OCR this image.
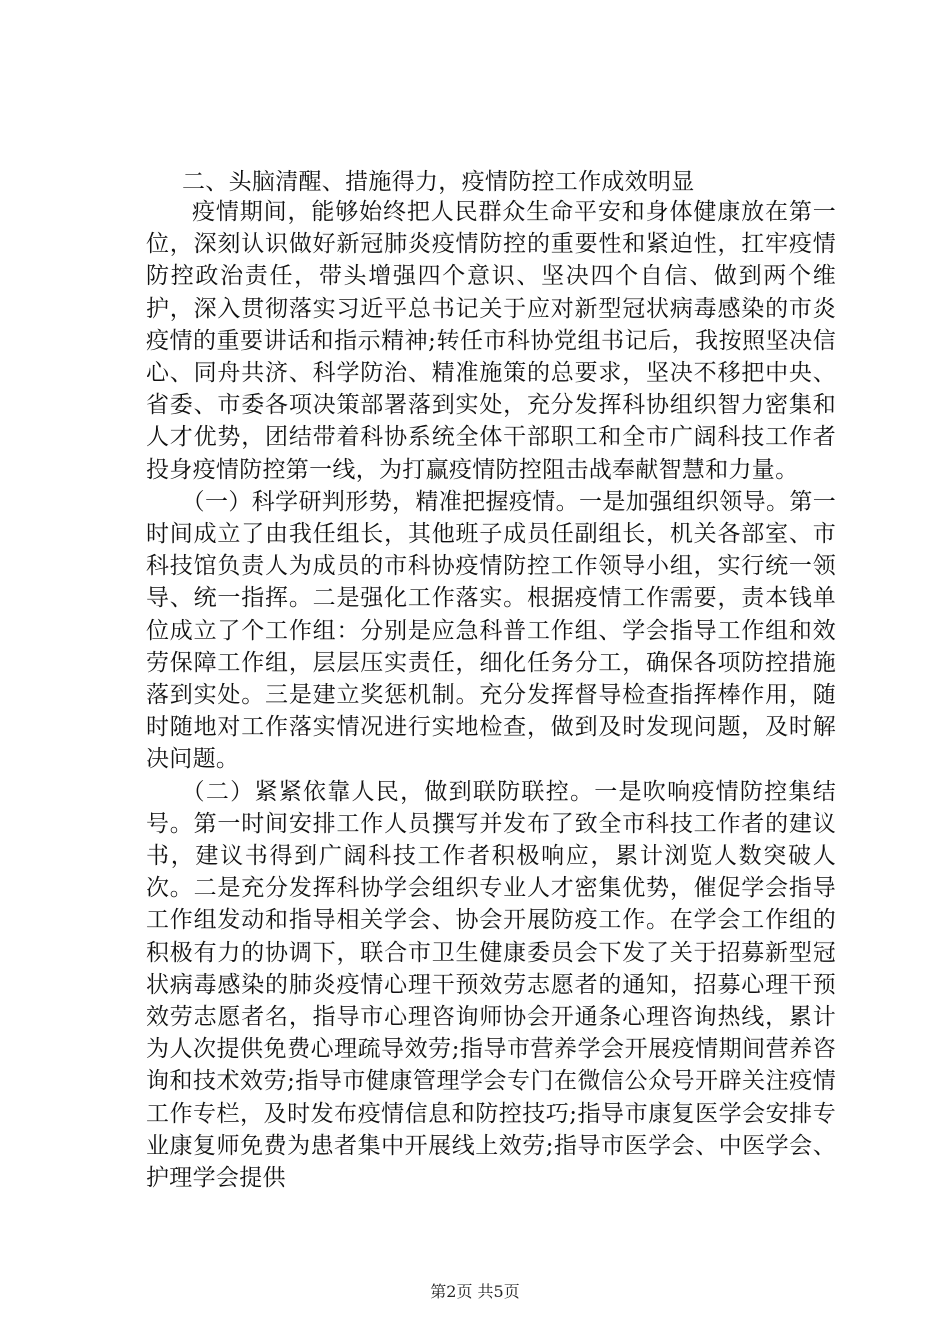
二、头脑清醒、措施得力，疫情防控工作成效明显

疫情期间，能够始终把人民群众生命平安和身体健康放在第一位，深刻认识做好新冠肺炎疫情防控的重要性和紧迫性，扛牢疫情防控政治责任，带头增强四个意识、坚决四个自信、做到两个维护，深入贯彻落实习近平总书记关于应对新型冠状病毒感染的市炎疫情的重要讲话和指示精神;转任市科协党组书记后，我按照坚决信心、同舟共济、科学防治、精准施策的总要求，坚决不移把中央、省委、市委各项决策部署落到实处，充分发挥科协组织智力密集和人才优势，团结带着科协系统全体干部职工和全市广阔科技工作者投身疫情防控第一线，为打赢疫情防控阻击战奉献智慧和力量。

（一）科学研判形势，精准把握疫情。一是加强组织领导。第一时间成立了由我任组长，其他班子成员任副组长，机关各部室、市科技馆负责人为成员的市科协疫情防控工作领导小组，实行统一领导、统一指挥。二是强化工作落实。根据疫情工作需要，责本钱单位成立了个工作组：分别是应急科普工作组、学会指导工作组和效劳保障工作组，层层压实责任，细化任务分工，确保各项防控措施落到实处。三是建立奖惩机制。充分发挥督导检查指挥棒作用，随时随地对工作落实情况进行实地检查，做到及时发现问题，及时解决问题。

（二）紧紧依靠人民，做到联防联控。一是吹响疫情防控集结号。第一时间安排工作人员撰写并发布了致全市科技工作者的建议书，建议书得到广阔科技工作者积极响应，累计浏览人数突破人次。二是充分发挥科协学会组织专业人才密集优势，催促学会指导工作组发动和指导相关学会、协会开展防疫工作。在学会工作组的积极有力的协调下，联合市卫生健康委员会下发了关于招募新型冠状病毒感染的肺炎疫情心理干预效劳志愿者的通知，招募心理干预效劳志愿者名，指导市心理咨询师协会开通条心理咨询热线，累计为人次提供免费心理疏导效劳;指导市营养学会开展疫情期间营养咨询和技术效劳;指导市健康管理学会专门在微信公众号开辟关注疫情工作专栏，及时发布疫情信息和防控技巧;指导市康复医学会安排专业康复师免费为患者集中开展线上效劳;指导市医学会、中医学会、护理学会提供

第2页 共5页
